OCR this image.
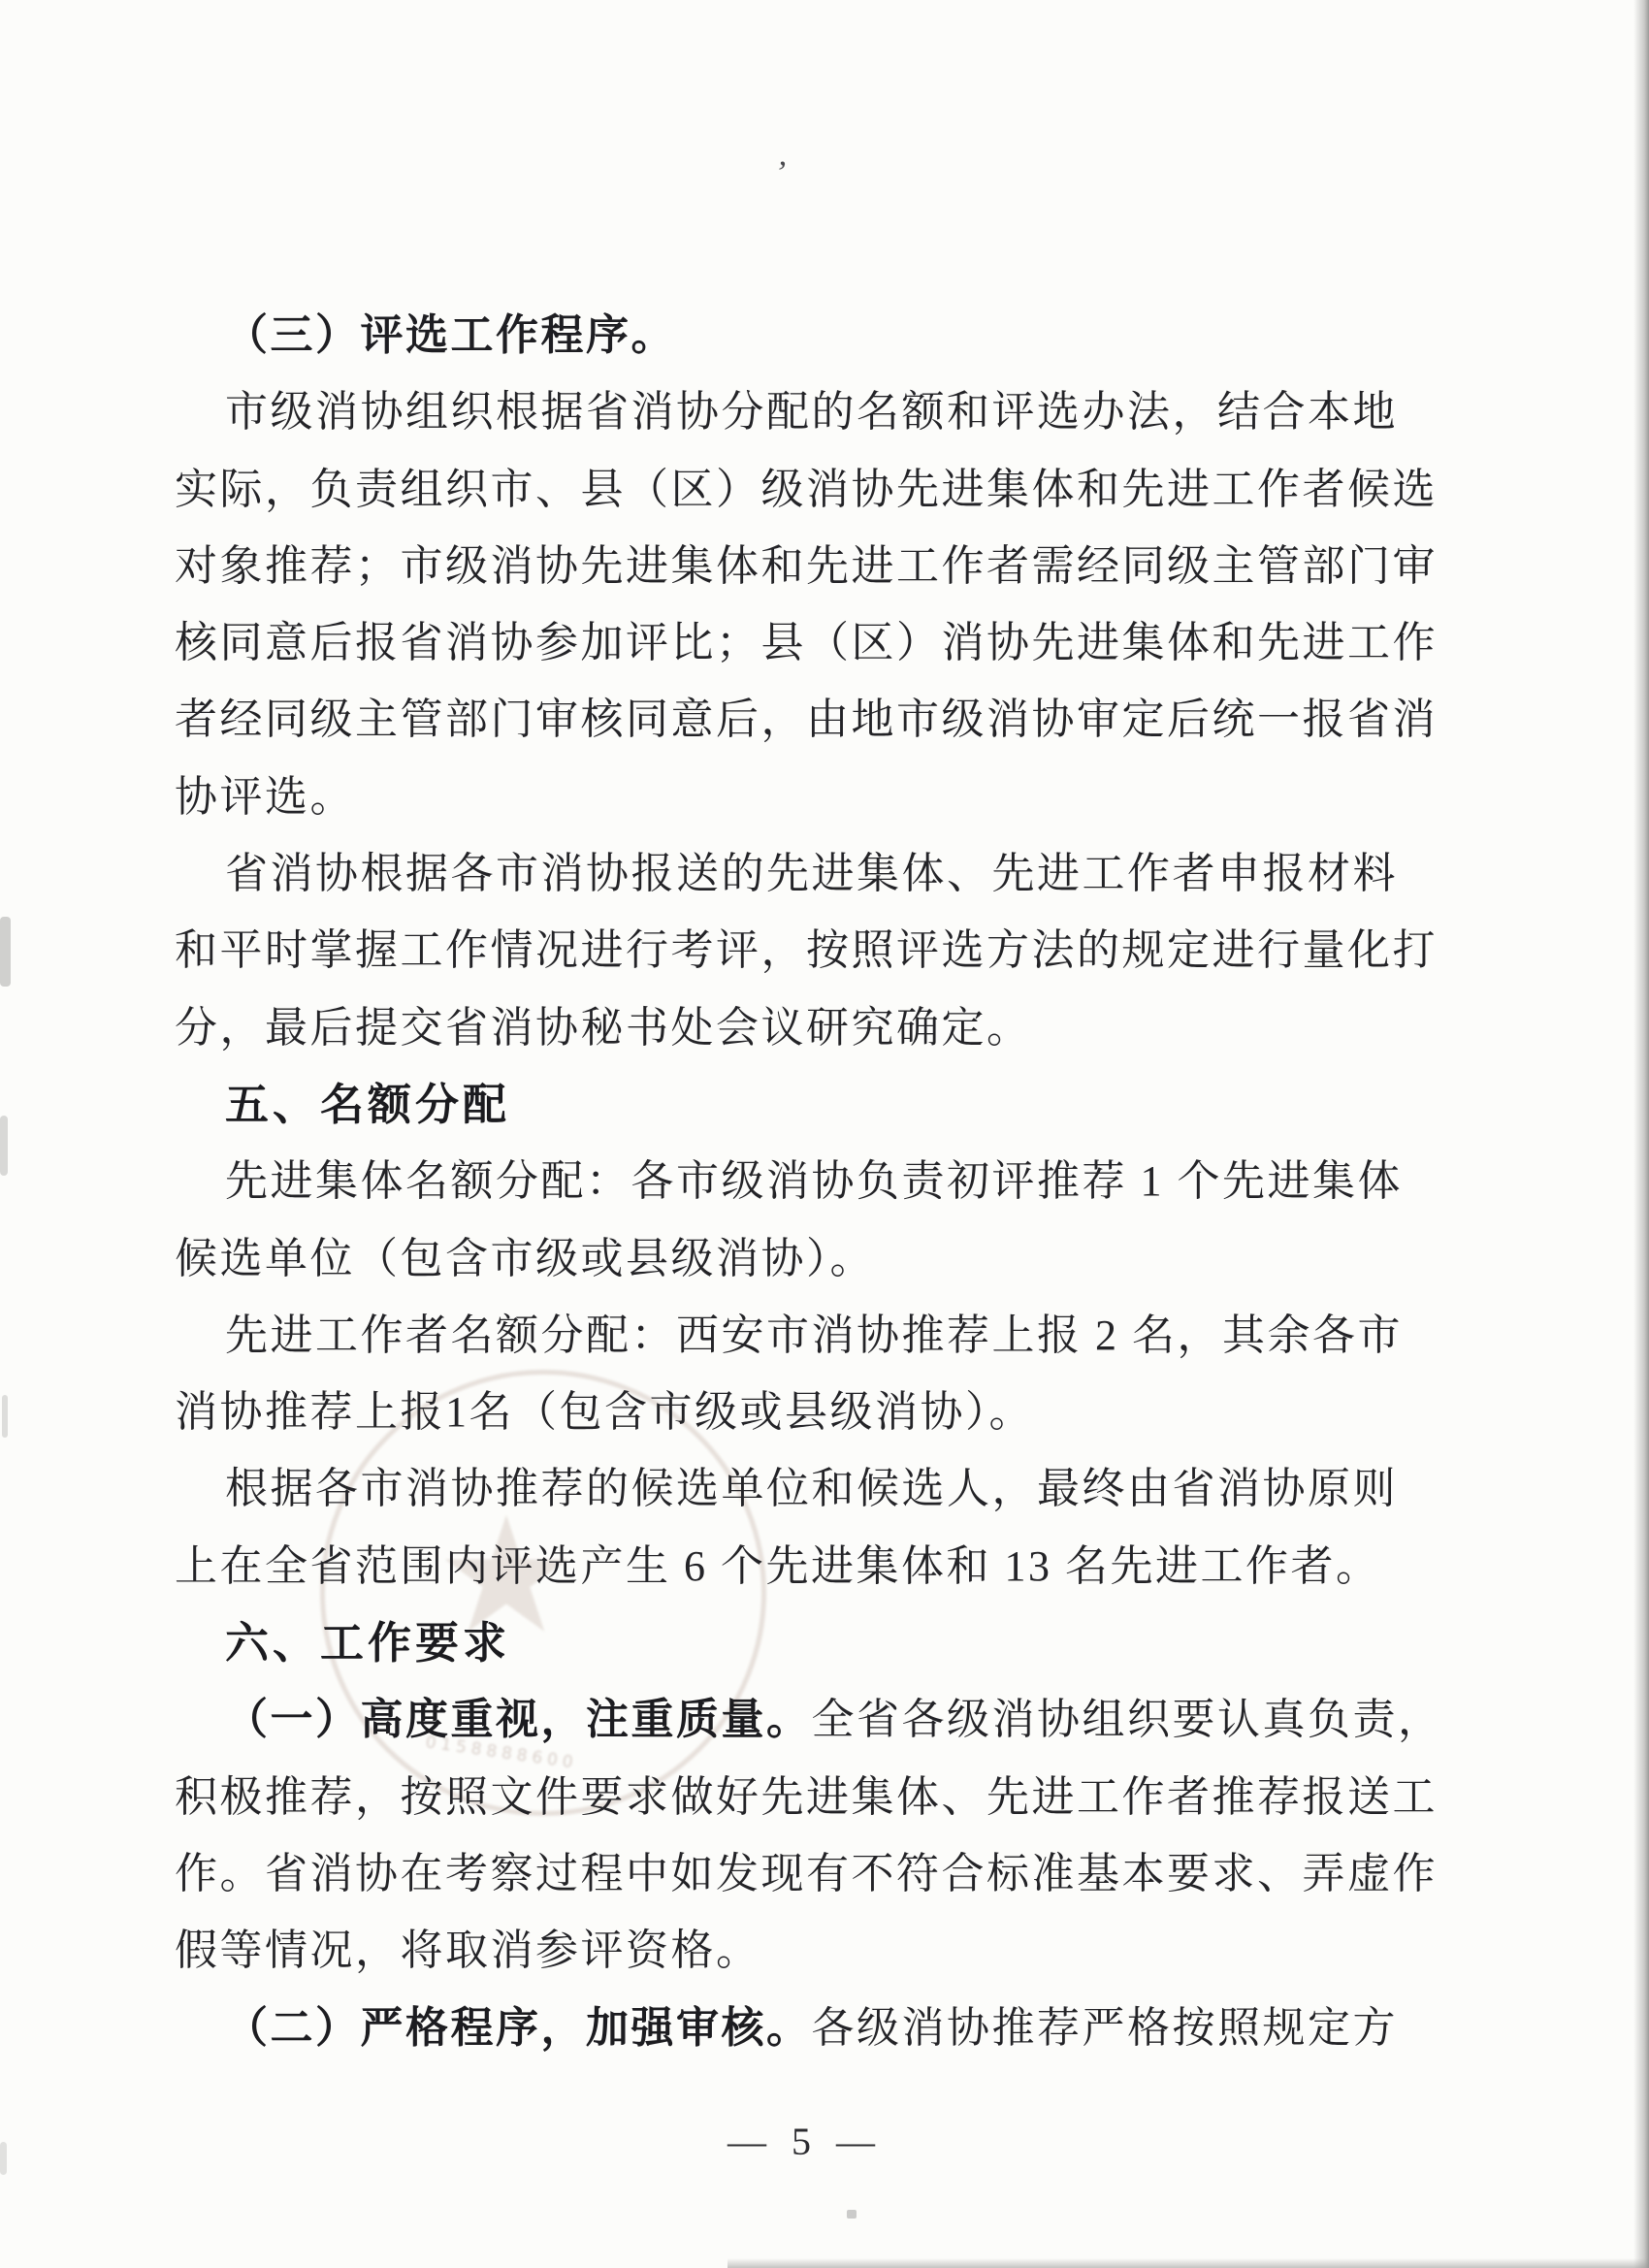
★
0158888600
（三）评选工作程序。
市级消协组织根据省消协分配的名额和评选办法，结合本地
实际，负责组织市、县（区）级消协先进集体和先进工作者候选
对象推荐；市级消协先进集体和先进工作者需经同级主管部门审
核同意后报省消协参加评比；县（区）消协先进集体和先进工作
者经同级主管部门审核同意后，由地市级消协审定后统一报省消
协评选。
省消协根据各市消协报送的先进集体、先进工作者申报材料
和平时掌握工作情况进行考评，按照评选方法的规定进行量化打
分，最后提交省消协秘书处会议研究确定。
五、名额分配
先进集体名额分配：各市级消协负责初评推荐 1 个先进集体
候选单位（包含市级或县级消协）。
先进工作者名额分配：西安市消协推荐上报 2 名，其余各市
消协推荐上报1名（包含市级或县级消协）。
根据各市消协推荐的候选单位和候选人，最终由省消协原则
上在全省范围内评选产生 6 个先进集体和 13 名先进工作者。
六、工作要求
（一）高度重视，注重质量。全省各级消协组织要认真负责，
积极推荐，按照文件要求做好先进集体、先进工作者推荐报送工
作。省消协在考察过程中如发现有不符合标准基本要求、弄虚作
假等情况，将取消参评资格。
（二）严格程序，加强审核。各级消协推荐严格按照规定方
— 5 —
’
